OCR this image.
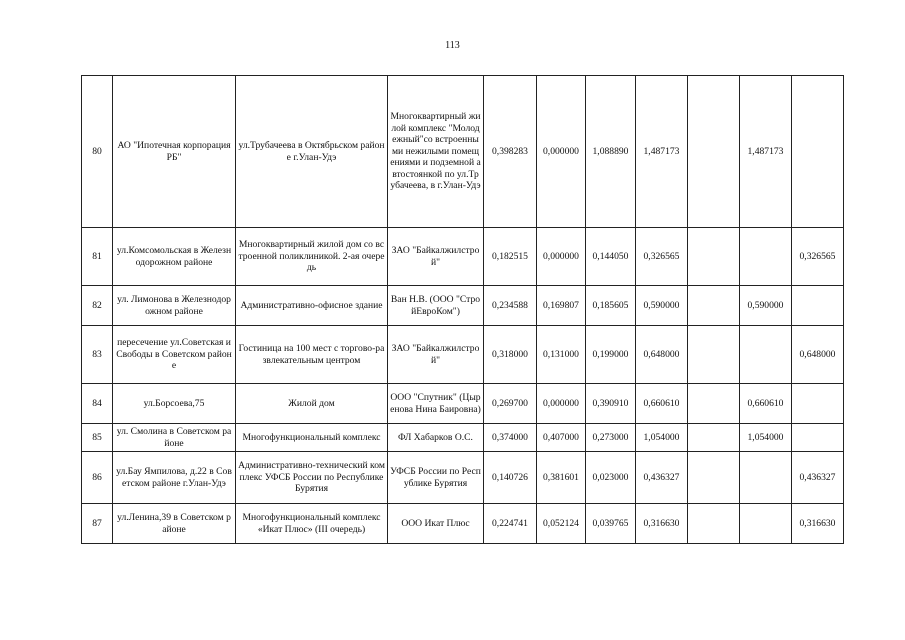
113
80	АО "Ипотечная корпорация РБ"	ул.Трубачеева в Октябрьском районе г.Улан-Удэ	Многоквартирный жилой комплекс "Молодежный"со встроенными нежилыми помещениями и подземной автостоянкой по ул.Трубачеева, в г.Улан-Удэ	0,398283	0,000000	1,088890	1,487173		1,487173	
81	ул.Комсомольская в Железнодорожном районе	Многоквартирный жилой дом со встроенной поликлиникой. 2-ая очередь	ЗАО "Байкалжилстрой"	0,182515	0,000000	0,144050	0,326565			0,326565
82	ул. Лимонова в Железнодорожном районе	Административно-офисное здание	Ван Н.В. (ООО "СтройЕвроКом")	0,234588	0,169807	0,185605	0,590000		0,590000	
83	пересечение ул.Советская и Свободы в Советском районе	Гостиница на 100 мест с торгово-развлекательным центром	ЗАО "Байкалжилстрой"	0,318000	0,131000	0,199000	0,648000			0,648000
84	ул.Борсоева,75	Жилой дом	ООО "Спутник" (Цыренова Нина Баировна)	0,269700	0,000000	0,390910	0,660610		0,660610	
85	ул. Смолина в Советском районе	Многофункциональный комплекс	ФЛ Хабарков О.С.	0,374000	0,407000	0,273000	1,054000		1,054000	
86	ул.Бау Ямпилова, д.22 в Советском районе г.Улан-Удэ	Административно-технический комплекс УФСБ России по Республике Бурятия	УФСБ России по Республике Бурятия	0,140726	0,381601	0,023000	0,436327			0,436327
87	ул.Ленина,39 в Советском районе	Многофункциональный комплекс «Икат Плюс» (III очередь)	ООО Икат Плюс	0,224741	0,052124	0,039765	0,316630			0,316630
